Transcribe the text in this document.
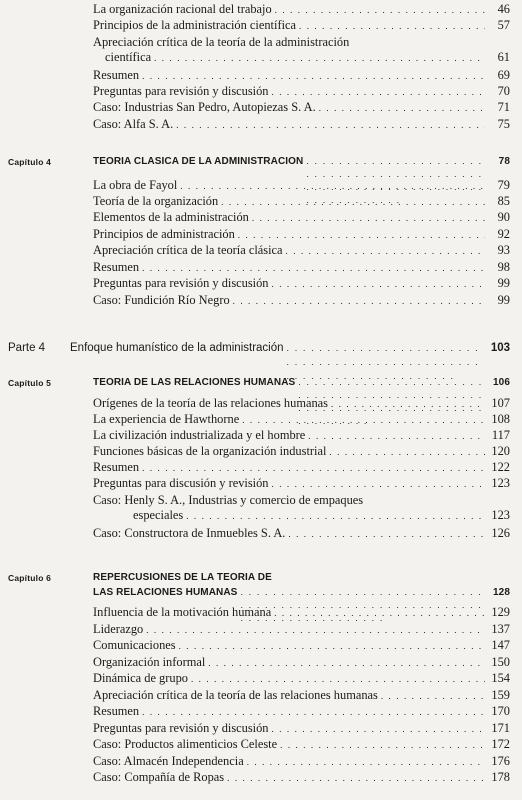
La organización racional del trabajo . . .	46
Principios de la administración científica . . .	57
Apreciación crítica de la teoría de la administración
científica . . .	61
Resumen . . .	69
Preguntas para revisión y discusión . . .	70
Caso: Industrias San Pedro, Autopiezas S. A. . . .	71
Caso: Alfa S. A. . . .	75
Capítulo 4	TEORIA CLASICA DE LA ADMINISTRACION . . .	78
La obra de Fayol . . .	79
Teoría de la organización . . .	85
Elementos de la administración . . .	90
Principios de administración . . .	92
Apreciación crítica de la teoría clásica . . .	93
Resumen . . .	98
Preguntas para revisión y discusión . . .	99
Caso: Fundición Río Negro . . .	99
Parte 4	Enfoque humanístico de la administración . . .	103
Capítulo 5	TEORIA DE LAS RELACIONES HUMANAS . . .	106
Orígenes de la teoría de las relaciones humanas . . .	107
La experiencia de Hawthorne . . .	108
La civilización industrializada y el hombre . . .	117
Funciones básicas de la organización industrial . . .	120
Resumen . . .	122
Preguntas para discusión y revisión . . .	123
Caso: Henly S. A., Industrias y comercio de empaques
especiales . . .	123
Caso: Constructora de Inmuebles S. A. . . .	126
Capítulo 6	REPERCUSIONES DE LA TEORIA DE
LAS RELACIONES HUMANAS . . .	128
Influencia de la motivación humana . . .	129
Liderazgo . . .	137
Comunicaciones . . .	147
Organización informal . . .	150
Dinámica de grupo . . .	154
Apreciación crítica de la teoría de las relaciones humanas . . .	159
Resumen . . .	170
Preguntas para revisión y discusión . . .	171
Caso: Productos alimenticios Celeste . . .	172
Caso: Almacén Independencia . . .	176
Caso: Compañía de Ropas . . .	178
